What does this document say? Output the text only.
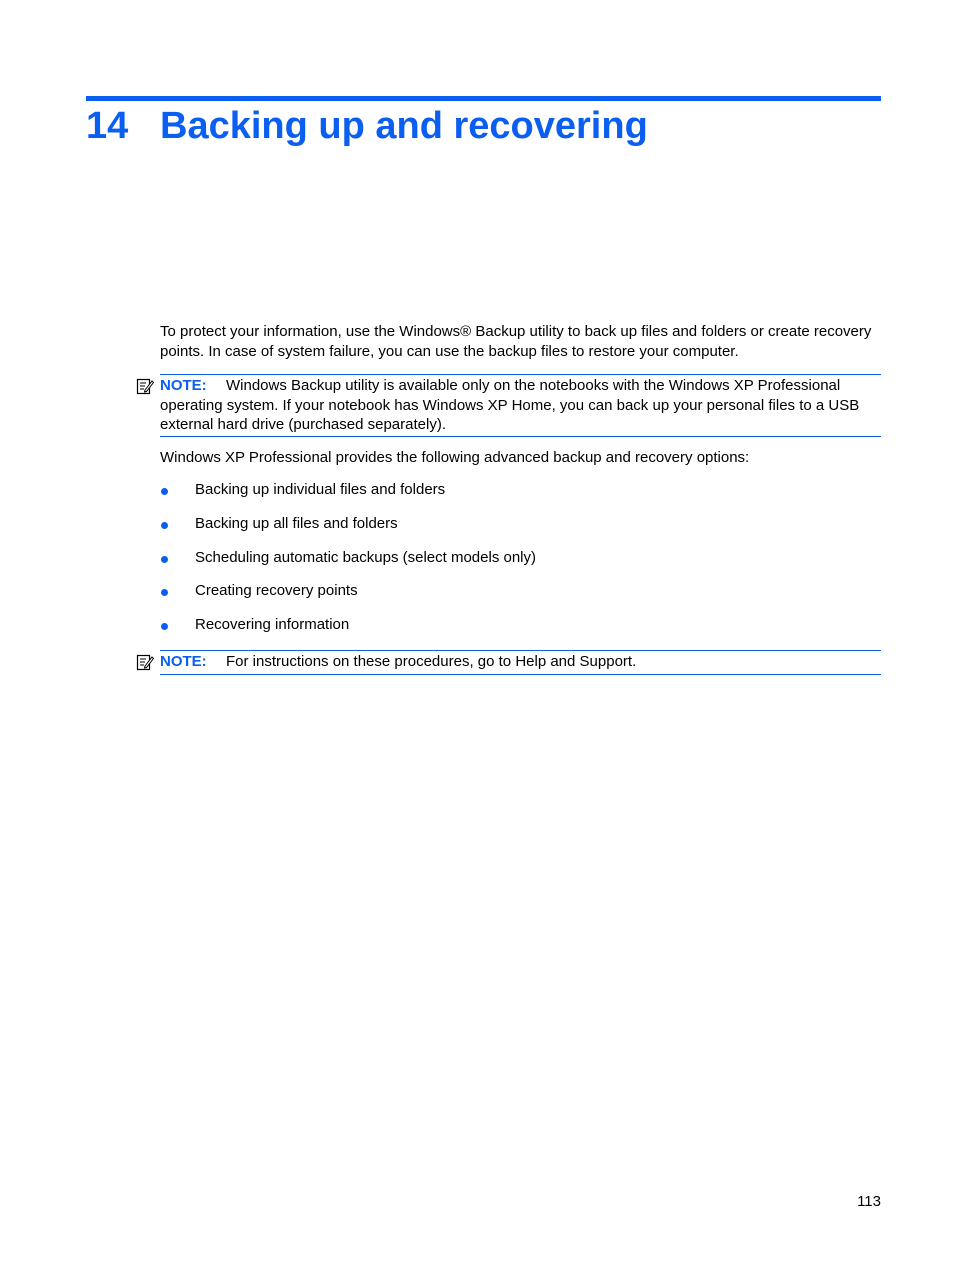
14 Backing up and recovering

To protect your information, use the Windows® Backup utility to back up files and folders or create recovery points. In case of system failure, you can use the backup files to restore your computer.

NOTE: Windows Backup utility is available only on the notebooks with the Windows XP Professional operating system. If your notebook has Windows XP Home, you can back up your personal files to a USB external hard drive (purchased separately).

Windows XP Professional provides the following advanced backup and recovery options:

Backing up individual files and folders
Backing up all files and folders
Scheduling automatic backups (select models only)
Creating recovery points
Recovering information
NOTE: For instructions on these procedures, go to Help and Support.
113
